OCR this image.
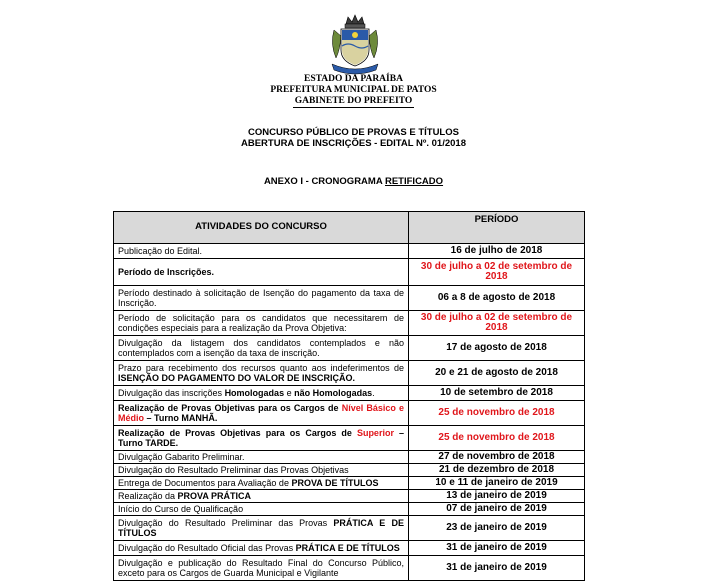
ESTADO DA PARAÍBA
PREFEITURA MUNICIPAL DE PATOS
GABINETE DO PREFEITO
CONCURSO PÚBLICO DE PROVAS E TÍTULOS
ABERTURA DE INSCRIÇÕES - EDITAL Nº. 01/2018
ANEXO I - CRONOGRAMA RETIFICADO
ATIVIDADES DO CONCURSO	PERÍODO
Publicação do Edital.	16 de julho de 2018
Período de Inscrições.	30 de julho a 02 de setembro de 2018
Período destinado à solicitação de Isenção do pagamento da taxa de Inscrição.	06 a 8 de agosto de 2018
Período de solicitação para os candidatos que necessitarem de condições especiais para a realização da Prova Objetiva:	30 de julho a 02 de setembro de 2018
Divulgação da listagem dos candidatos contemplados e não contemplados com a isenção da taxa de inscrição.	17 de agosto de 2018
Prazo para recebimento dos recursos quanto aos indeferimentos de ISENÇÃO DO PAGAMENTO DO VALOR DE INSCRIÇÃO.	20 e 21 de agosto de 2018
Divulgação das inscrições Homologadas e não Homologadas.	10 de setembro de 2018
Realização de Provas Objetivas para os Cargos de Nível Básico e Médio – Turno MANHÃ.	25 de novembro de 2018
Realização de Provas Objetivas para os Cargos de Superior – Turno TARDE.	25 de novembro de 2018
Divulgação Gabarito Preliminar.	27 de novembro de 2018
Divulgação do Resultado Preliminar das Provas Objetivas	21 de dezembro de 2018
Entrega de Documentos para Avaliação de PROVA DE TÍTULOS	10 e 11 de janeiro de 2019
Realização da PROVA PRÁTICA	13 de janeiro de 2019
Início do Curso de Qualificação	07 de janeiro de 2019
Divulgação do Resultado Preliminar das Provas PRÁTICA E DE TÍTULOS	23 de janeiro de 2019
Divulgação do Resultado Oficial das Provas PRÁTICA E DE TÍTULOS	31 de janeiro de 2019
Divulgação e publicação do Resultado Final do Concurso Público, exceto para os Cargos de Guarda Municipal e Vigilante	31 de janeiro de 2019
